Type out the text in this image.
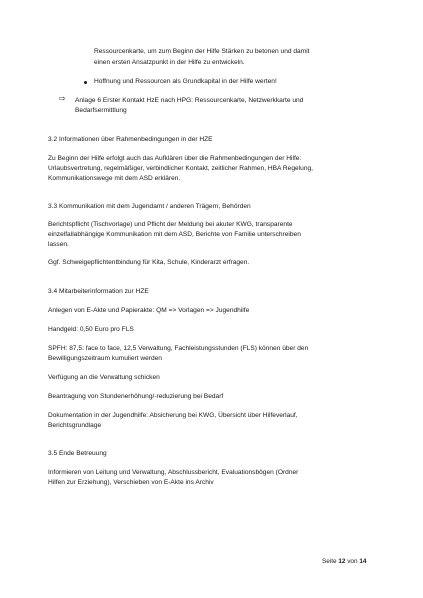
Ressourcenkarte, um zum Beginn der Hilfe Stärken zu betonen und damit
einen ersten Ansatzpunkt in der Hilfe zu entwickeln.
Hoffnung und Ressourcen als Grundkapital in der Hilfe werten!
⇨ Anlage 6 Erster Kontakt HzE nach HPG: Ressourcenkarte, Netzwerkkarte und
Bedarfsermittlung
3.2 Informationen über Rahmenbedingungen in der HZE
Zu Beginn der Hilfe erfolgt auch das Aufklären über die Rahmenbedingungen der Hilfe:
Urlaubsvertretung, regelmäßiger, verbindlicher Kontakt, zeitlicher Rahmen, HBA Regelung,
Kommunikationswege mit dem ASD erklären.
3.3 Kommunikation mit dem Jugendamt / anderen Trägern, Behörden
Berichtspflicht (Tischvorlage) und Pflicht der Meldung bei akuter KWG, transparente
einzelfallabhängige Kommunikation mit dem ASD, Berichte von Familie unterschreiben
lassen.
Ggf. Schweigepflichtentbindung für Kita, Schule, Kinderarzt erfragen.
3.4 Mitarbeiterinformation zur HZE
Anlegen von E-Akte und Papierakte: QM => Vorlagen => Jugendhilfe
Handgeld: 0,50 Euro pro FLS
SPFH: 87,5: face to face, 12,5 Verwaltung, Fachleistungsstunden (FLS) können über den
Bewilligungszeitraum kumuliert werden
Verfügung an die Verwaltung schicken
Beantragung von Stundenerhöhung/-reduzierung bei Bedarf
Dokumentation in der Jugendhilfe: Absicherung bei KWG, Übersicht über Hilfeverlauf,
Berichtsgrundlage
3.5 Ende Betreuung
Informieren von Leitung und Verwaltung, Abschlussbericht, Evaluationsbögen (Ordner
Hilfen zur Erziehung), Verschieben von E-Akte ins Archiv
Seite 12 von 14
